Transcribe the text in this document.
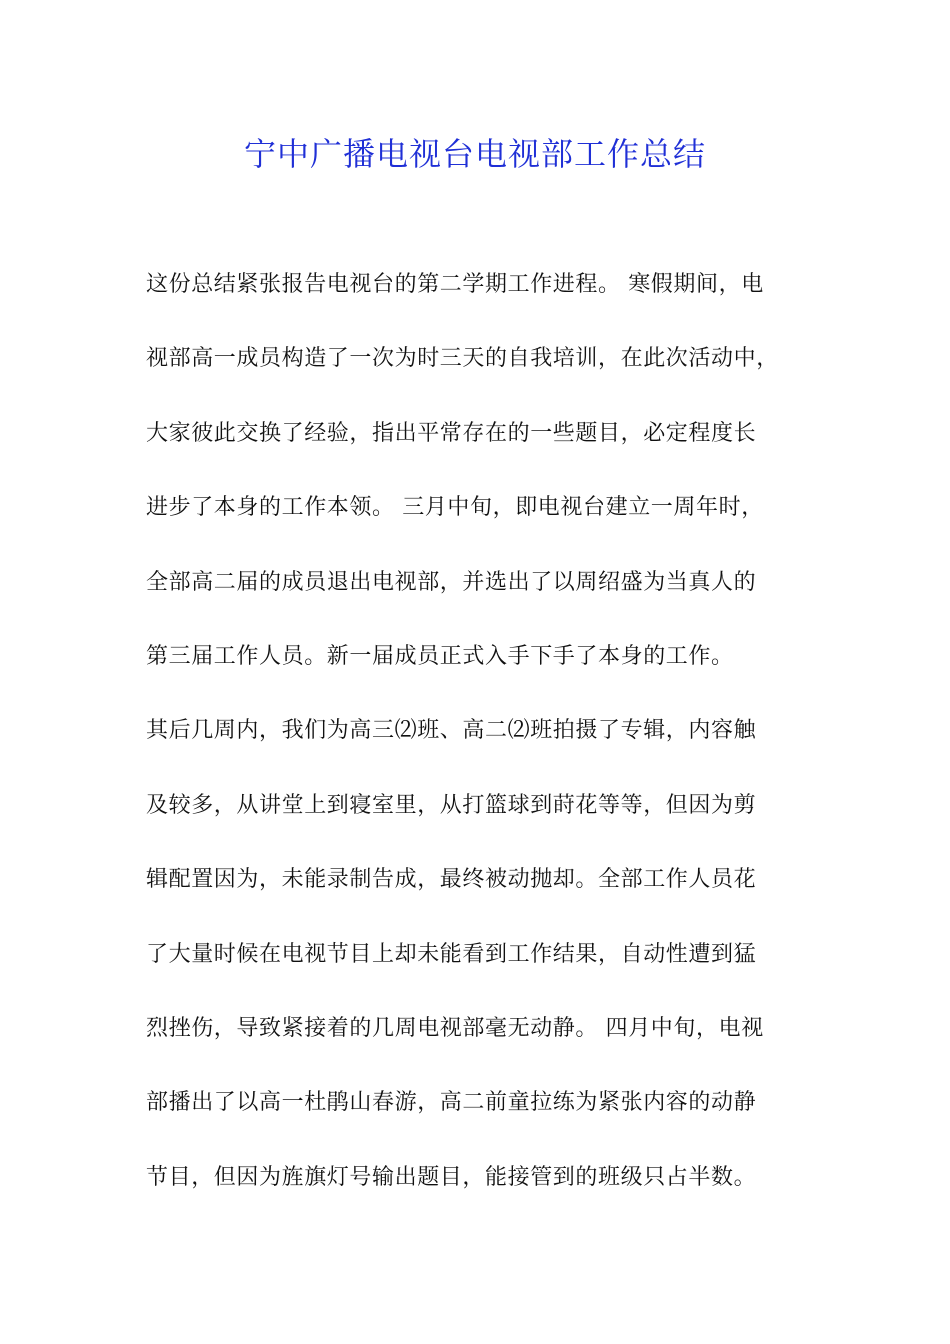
宁中广播电视台电视部工作总结
这份总结紧张报告电视台的第二学期工作进程。 寒假期间，电
视部高一成员构造了一次为时三天的自我培训，在此次活动中，
大家彼此交换了经验，指出平常存在的一些题目，必定程度长
进步了本身的工作本领。 三月中旬，即电视台建立一周年时，
全部高二届的成员退出电视部，并选出了以周绍盛为当真人的
第三届工作人员。新一届成员正式入手下手了本身的工作。
其后几周内，我们为高三⑵班、高二⑵班拍摄了专辑，内容触
及较多，从讲堂上到寝室里，从打篮球到莳花等等，但因为剪
辑配置因为，未能录制告成，最终被动抛却。全部工作人员花
了大量时候在电视节目上却未能看到工作结果，自动性遭到猛
烈挫伤，导致紧接着的几周电视部毫无动静。 四月中旬，电视
部播出了以高一杜鹃山春游，高二前童拉练为紧张内容的动静
节目，但因为旌旗灯号输出题目，能接管到的班级只占半数。
